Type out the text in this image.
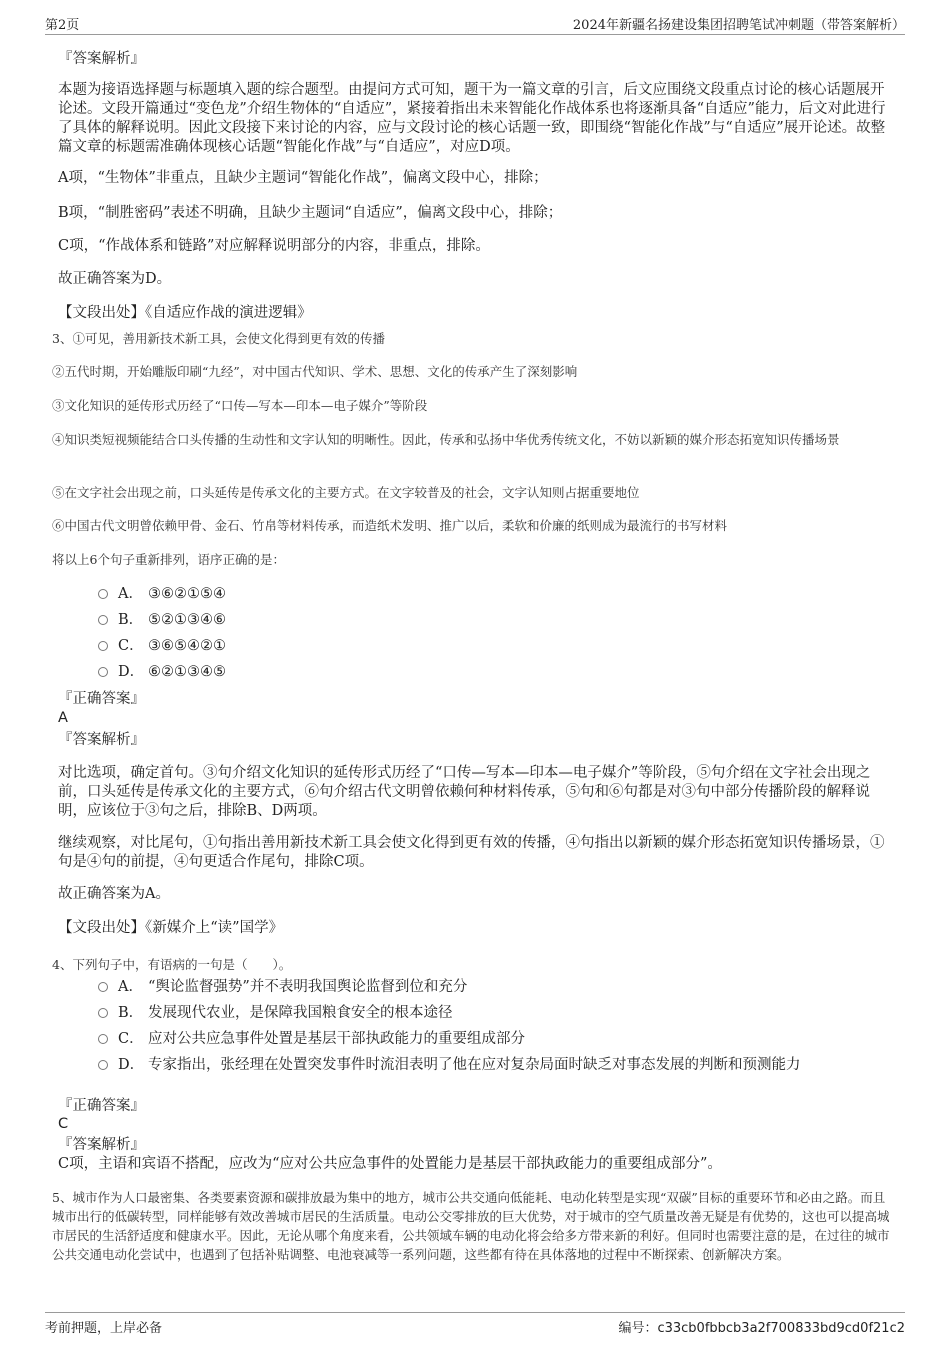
第2页	2024年新疆名扬建设集团招聘笔试冲刺题（带答案解析）

『答案解析』

本题为接语选择题与标题填入题的综合题型。由提问方式可知，题干为一篇文章的引言，后文应围绕文段重点讨论的核心话题展开论述。文段开篇通过“变色龙”介绍生物体的“自适应”，紧接着指出未来智能化作战体系也将逐渐具备“自适应”能力，后文对此进行了具体的解释说明。因此文段接下来讨论的内容，应与文段讨论的核心话题一致，即围绕“智能化作战”与“自适应”展开论述。故整篇文章的标题需准确体现核心话题“智能化作战”与“自适应”，对应D项。

A项，“生物体”非重点，且缺少主题词“智能化作战”，偏离文段中心，排除；

B项，“制胜密码”表述不明确，且缺少主题词“自适应”，偏离文段中心，排除；

C项，“作战体系和链路”对应解释说明部分的内容，非重点，排除。

故正确答案为D。

【文段出处】《自适应作战的演进逻辑》

3、①可见，善用新技术新工具，会使文化得到更有效的传播

②五代时期，开始雕版印刷“九经”，对中国古代知识、学术、思想、文化的传承产生了深刻影响

③文化知识的延传形式历经了“口传—写本—印本—电子媒介”等阶段

④知识类短视频能结合口头传播的生动性和文字认知的明晰性。因此，传承和弘扬中华优秀传统文化，不妨以新颖的媒介形态拓宽知识传播场景

⑤在文字社会出现之前，口头延传是传承文化的主要方式。在文字较普及的社会，文字认知则占据重要地位

⑥中国古代文明曾依赖甲骨、金石、竹帛等材料传承，而造纸术发明、推广以后，柔软和价廉的纸则成为最流行的书写材料

将以上6个句子重新排列，语序正确的是：

A． ③⑥②①⑤④
B． ⑤②①③④⑥
C． ③⑥⑤④②①
D． ⑥②①③④⑤

『正确答案』

A

『答案解析』

对比选项，确定首句。③句介绍文化知识的延传形式历经了“口传—写本—印本—电子媒介”等阶段，⑤句介绍在文字社会出现之前，口头延传是传承文化的主要方式，⑥句介绍古代文明曾依赖何种材料传承，⑤句和⑥句都是对③句中部分传播阶段的解释说明，应该位于③句之后，排除B、D两项。

继续观察，对比尾句，①句指出善用新技术新工具会使文化得到更有效的传播，④句指出以新颖的媒介形态拓宽知识传播场景，①句是④句的前提，④句更适合作尾句，排除C项。

故正确答案为A。

【文段出处】《新媒介上“读”国学》

4、下列句子中，有语病的一句是（　　）。

A． “舆论监督强势”并不表明我国舆论监督到位和充分
B． 发展现代农业，是保障我国粮食安全的根本途径
C． 应对公共应急事件处置是基层干部执政能力的重要组成部分
D． 专家指出，张经理在处置突发事件时流泪表明了他在应对复杂局面时缺乏对事态发展的判断和预测能力

『正确答案』

C

『答案解析』

C项，主语和宾语不搭配，应改为“应对公共应急事件的处置能力是基层干部执政能力的重要组成部分”。

5、城市作为人口最密集、各类要素资源和碳排放最为集中的地方，城市公共交通向低能耗、电动化转型是实现“双碳”目标的重要环节和必由之路。而且城市出行的低碳转型，同样能够有效改善城市居民的生活质量。电动公交零排放的巨大优势，对于城市的空气质量改善无疑是有优势的，这也可以提高城市居民的生活舒适度和健康水平。因此，无论从哪个角度来看，公共领域车辆的电动化将会给多方带来新的利好。但同时也需要注意的是，在过往的城市公共交通电动化尝试中，也遇到了包括补贴调整、电池衰减等一系列问题，这些都有待在具体落地的过程中不断探索、创新解决方案。

考前押题，上岸必备	编号：c33cb0fbbcb3a2f700833bd9cd0f21c2
